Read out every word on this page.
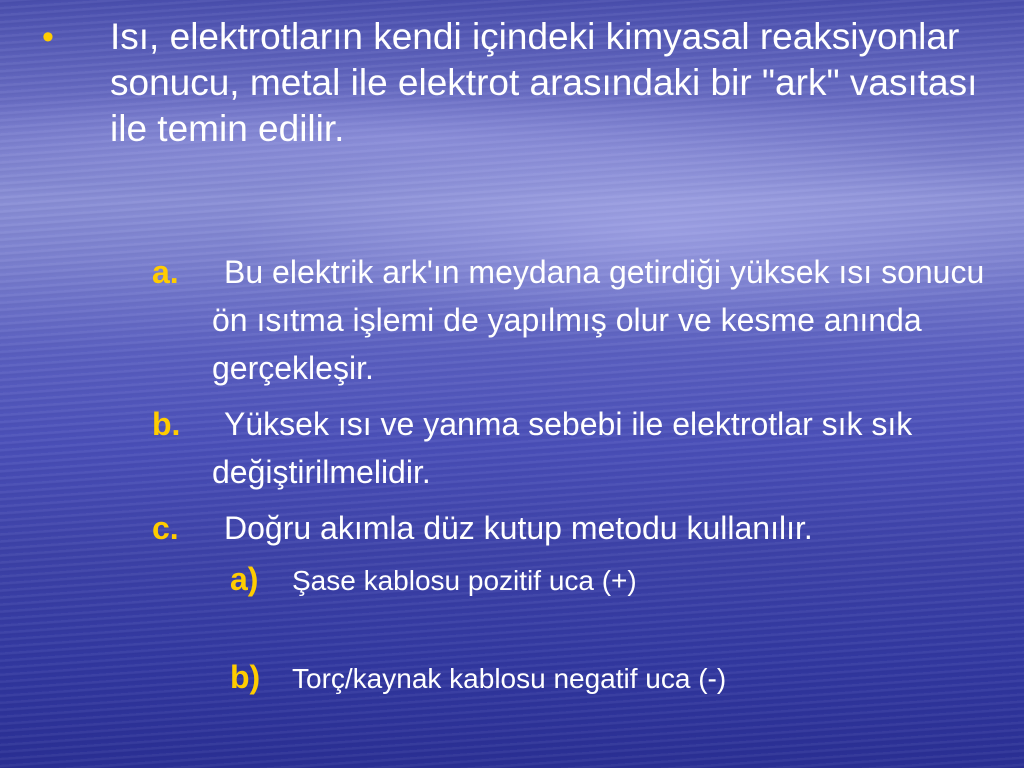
• Isı, elektrotların kendi içindeki kimyasal reaksiyonlar sonucu, metal ile elektrot arasındaki bir "ark" vasıtası ile temin edilir.
a.	Bu elektrik ark'ın meydana getirdiği yüksek ısı sonucu ön ısıtma işlemi de yapılmış olur ve kesme anında gerçekleşir.
b.	Yüksek ısı ve yanma sebebi ile elektrotlar sık sık değiştirilmelidir.
c.	Doğru akımla düz kutup metodu kullanılır.
a) Şase kablosu pozitif uca (+)
b) Torç/kaynak kablosu negatif uca (-)
